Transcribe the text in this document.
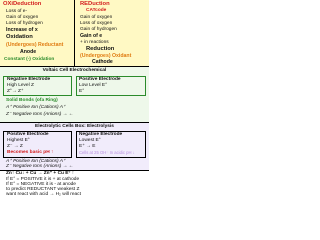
OXiDeduction	REDuction
CATcode
Loss of e-
Gain of oxygen
Loss of hydrogen
Increase of x
Oxidation
Gain of oxygen
Loss of oxygen
Gain of hydrogen
Gain of e
+ in reactions
(Undergoes) Reductant
Anode
Constant (-) Oxidation
Reduction
(Undergoes) Oxidant
Cathode
Voltaic Cell Electrochemical
Negative Electrode
High Level Z
Z°→ Z⁺
Positive Electrode
Low Level E°
E°
Solid Bonds (ofa Ring)
A⁺ Positive Ion (Cations) A⁺
Z⁻ Negative Ions (Anions) → ←
Electrolytic Cells Box: Electrolysis
Positive Electrode
Highest E°
Z⁻ → Z
Becomes basic pH ↑
Negative Electrode
Lowest E°
E⁺ → E
Cells at 25 OH⁻ In acidic pH ↓
A⁺ Positive Ion (Cations) A⁺
Z⁻ Negative Ions (Anions) → ←
Zn↑ Cu↓ + Cu → Zn⁺ + Cu E° ↑
If E° = POSITIVE it is + at cathode
If E° = NEGATIVE it is - at anode
to predict REDUCTANT weakest Z
want react with acid → H₂ will react
